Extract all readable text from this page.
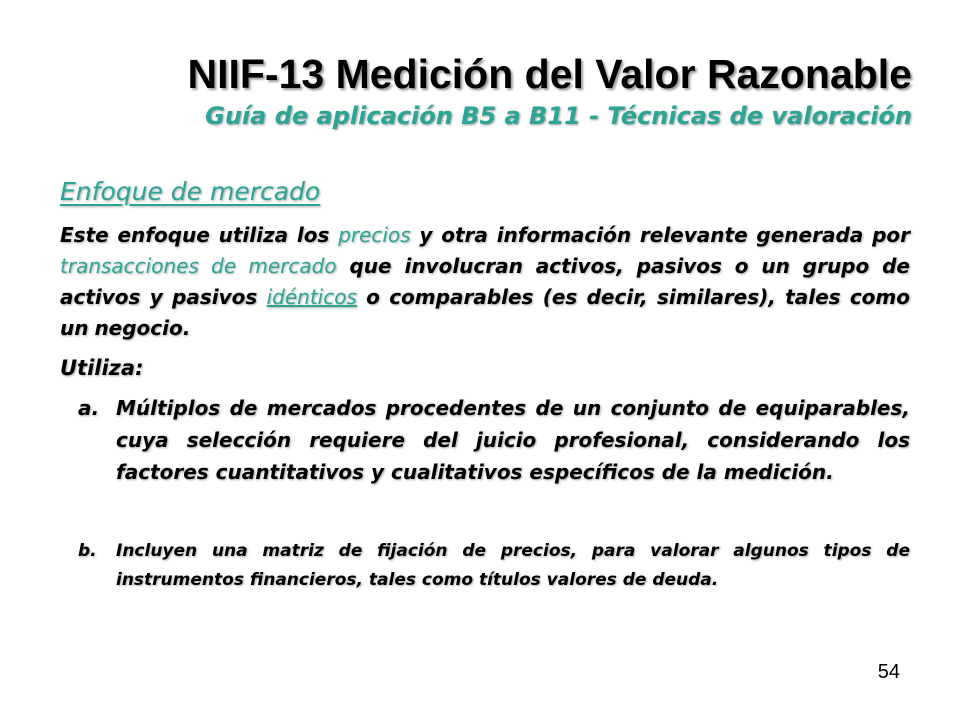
NIIF-13 Medición del Valor Razonable
Guía de aplicación B5 a B11 - Técnicas de valoración
Enfoque de mercado
Este enfoque utiliza los precios y otra información relevante generada por transacciones de mercado que involucran activos, pasivos o un grupo de activos y pasivos idénticos o comparables (es decir, similares), tales como un negocio.
Utiliza:
a. Múltiplos de mercados procedentes de un conjunto de equiparables, cuya selección requiere del juicio profesional, considerando los factores cuantitativos y cualitativos específicos de la medición.
b.	Incluyen una matriz de fijación de precios, para valorar algunos tipos de instrumentos financieros, tales como títulos valores de deuda.
54
